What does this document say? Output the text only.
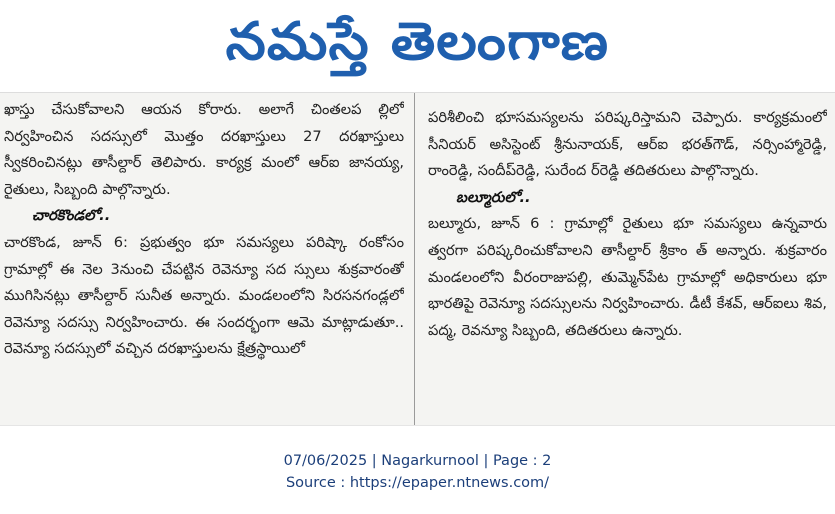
నమస్తే తెలంగాణ

ఖాస్తు చేసుకోవాలని ఆయన కోరారు. అలాగే చింతలప ల్లిలో నిర్వహించిన సదస్సులో మొత్తం దరఖాస్తులు 27 దరఖాస్తులు స్వీకరించినట్లు తాసీల్దార్ తెలిపారు. కార్యక్ర మంలో ఆర్ఐ జానయ్య, రైతులు, సిబ్బంది పాల్గొన్నారు.

చారకొండలో..

చారకొండ, జూన్ 6: ప్రభుత్వం భూ సమస్యలు పరిష్కా రంకోసం గ్రామాల్లో ఈ నెల 3నుంచి చేపట్టిన రెవెన్యూ సద స్సులు శుక్రవారంతో ముగిసినట్లు తాసీల్దార్ సునీత అన్నారు. మండలంలోని సిరసనగండ్లలో రెవెన్యూ సదస్సు నిర్వహించారు. ఈ సందర్భంగా ఆమె మాట్లాడుతూ.. రెవెన్యూ సదస్సులో వచ్చిన దరఖాస్తులను క్షేత్రస్థాయిలో

పరిశీలించి భూసమస్యలను పరిష్కరిస్తామని చెప్పారు. కార్యక్రమంలో సీనియర్ అసిస్టెంట్ శ్రీనునాయక్, ఆర్ఐ భరత్‌గౌడ్, నర్సింహ్మారెడ్డి, రాంరెడ్డి, సందీప్‌రెడ్డి, సురేంద ర్‌రెడ్డి తదితరులు పాల్గొన్నారు.

బల్మూరులో..

బల్మూరు, జూన్ 6 : గ్రామాల్లో రైతులు భూ సమస్యలు ఉన్నవారు త్వరగా పరిష్కరించుకోవాలని తాసీల్దార్ శ్రీకాం త్ అన్నారు. శుక్రవారం మండలంలోని వీరంరాజుపల్లి, తుమ్మెన్‌పేట గ్రామాల్లో అధికారులు భూ భారతిపై రెవెన్యూ సదస్సులను నిర్వహించారు. డీటీ కేశవ్, ఆర్ఐలు శివ, పద్మ, రెవన్యూ సిబ్బంది, తదితరులు ఉన్నారు.

07/06/2025 | Nagarkurnool | Page : 2
Source : https://epaper.ntnews.com/
